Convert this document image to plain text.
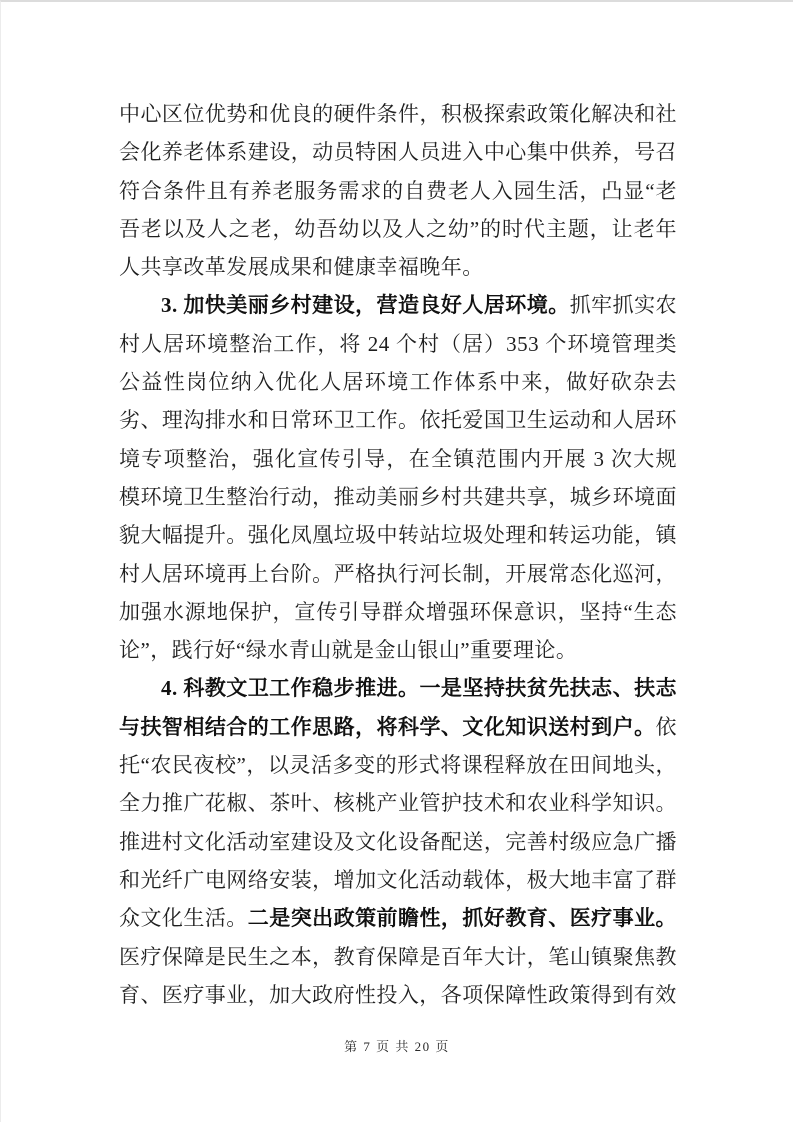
中心区位优势和优良的硬件条件，积极探索政策化解决和社会化养老体系建设，动员特困人员进入中心集中供养，号召符合条件且有养老服务需求的自费老人入园生活，凸显“老吾老以及人之老，幼吾幼以及人之幼”的时代主题，让老年人共享改革发展成果和健康幸福晚年。

3. 加快美丽乡村建设，营造良好人居环境。抓牢抓实农村人居环境整治工作，将 24 个村（居）353 个环境管理类公益性岗位纳入优化人居环境工作体系中来，做好砍杂去劣、理沟排水和日常环卫工作。依托爱国卫生运动和人居环境专项整治，强化宣传引导，在全镇范围内开展 3 次大规模环境卫生整治行动，推动美丽乡村共建共享，城乡环境面貌大幅提升。强化凤凰垃圾中转站垃圾处理和转运功能，镇村人居环境再上台阶。严格执行河长制，开展常态化巡河，加强水源地保护，宣传引导群众增强环保意识，坚持“生态论”，践行好“绿水青山就是金山银山”重要理论。

4. 科教文卫工作稳步推进。一是坚持扶贫先扶志、扶志与扶智相结合的工作思路，将科学、文化知识送村到户。依托“农民夜校”，以灵活多变的形式将课程释放在田间地头，全力推广花椒、茶叶、核桃产业管护技术和农业科学知识。推进村文化活动室建设及文化设备配送，完善村级应急广播和光纤广电网络安装，增加文化活动载体，极大地丰富了群众文化生活。二是突出政策前瞻性，抓好教育、医疗事业。医疗保障是民生之本，教育保障是百年大计，笔山镇聚焦教育、医疗事业，加大政府性投入，各项保障性政策得到有效

第 7 页 共 20 页
